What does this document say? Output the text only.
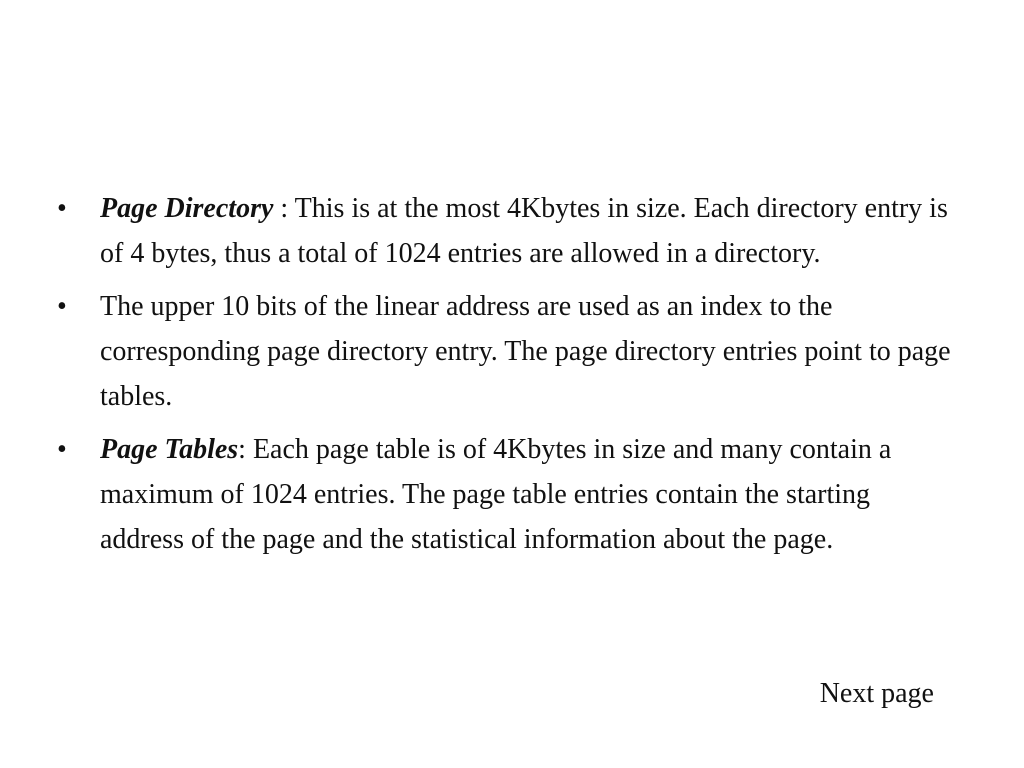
•	Page Directory : This is at the most 4Kbytes in size. Each directory entry is of 4 bytes, thus a total of 1024 entries are allowed in a directory.
•	The upper 10 bits of the linear address are used as an index to the corresponding page directory entry. The page directory entries point to page tables.
•	Page Tables: Each page table is of 4Kbytes in size and many contain a maximum of 1024 entries. The page table entries contain the starting address of the page and the statistical information about the page.
Next page
